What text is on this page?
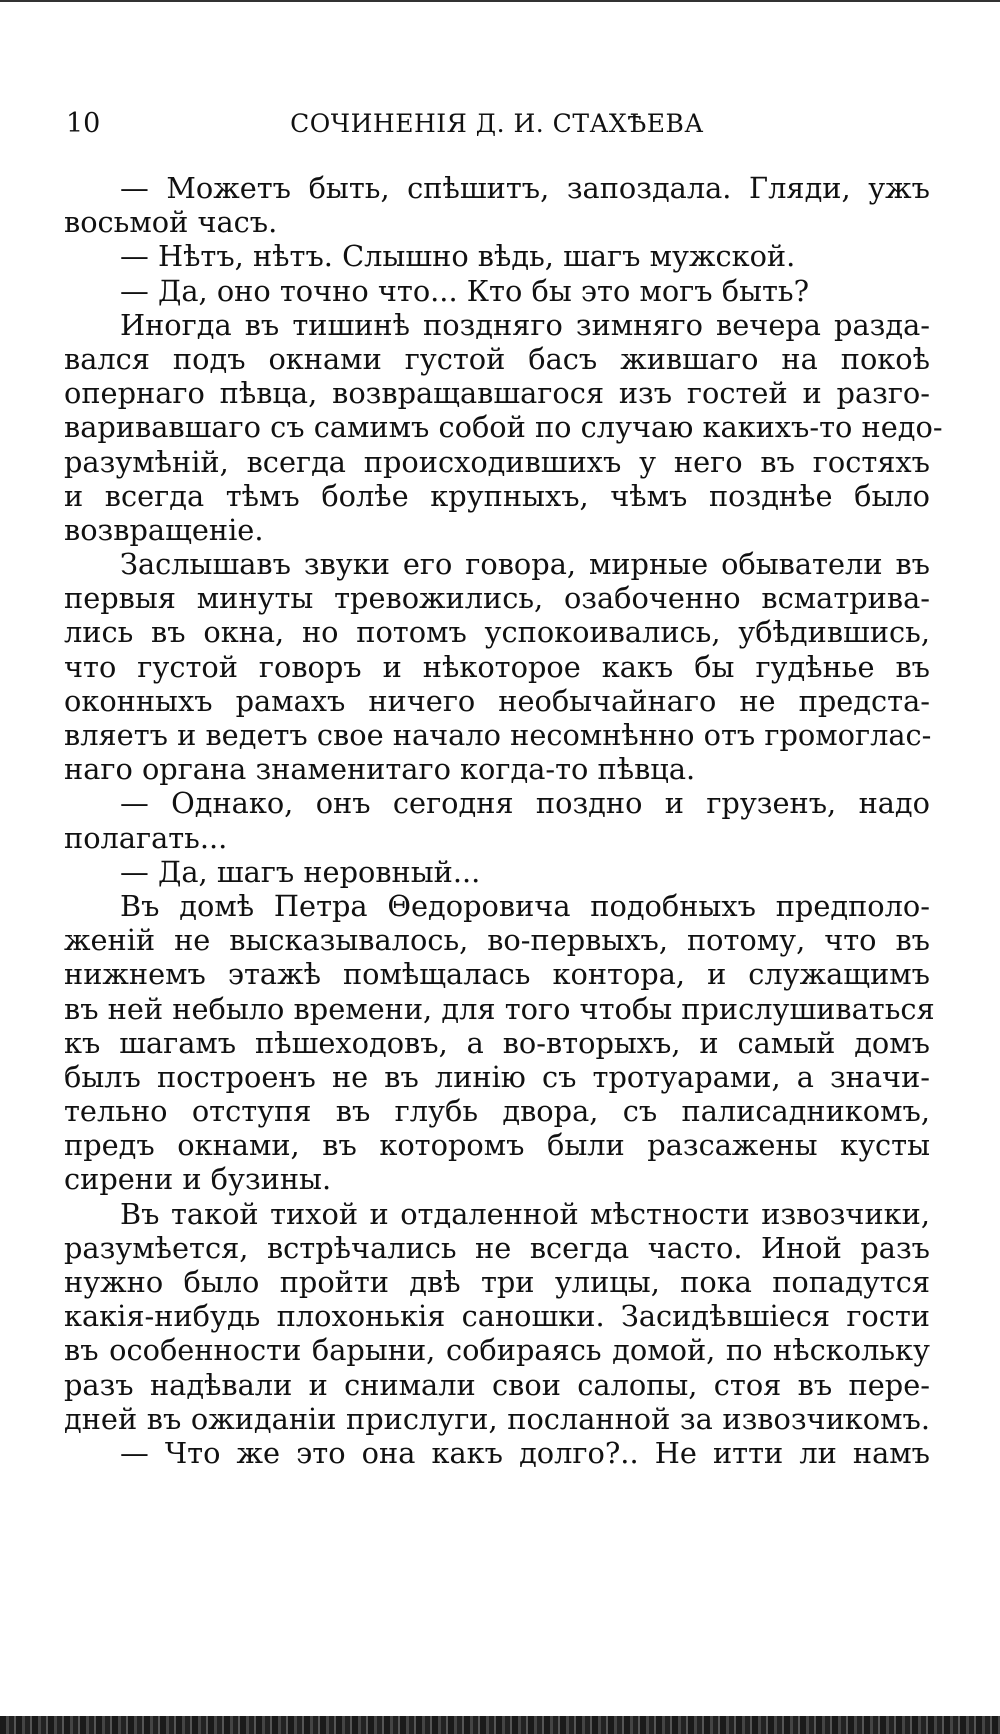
10	СОЧИНЕНIЯ Д. И. СТАХѢЕВА
— Можетъ быть, спѣшитъ, запоздала. Гляди, ужъ
восьмой часъ.
— Нѣтъ, нѣтъ. Слышно вѣдь, шагъ мужской.
— Да, оно точно что... Кто бы это могъ быть?
Иногда въ тишинѣ поздняго зимняго вечера разда-
вался подъ окнами густой басъ жившаго на покоѣ
опернаго пѣвца, возвращавшагося изъ гостей и разго-
варивавшаго съ самимъ собой по случаю какихъ-то недо-
разумѣнiй, всегда происходившихъ у него въ гостяхъ
и всегда тѣмъ болѣе крупныхъ, чѣмъ позднѣе было
возвращенiе.
Заслышавъ звуки его говора, мирные обыватели въ
первыя минуты тревожились, озабоченно всматрива-
лись въ окна, но потомъ успокоивались, убѣдившись,
что густой говоръ и нѣкоторое какъ бы гудѣнье въ
оконныхъ рамахъ ничего необычайнаго не предста-
вляетъ и ведетъ свое начало несомнѣнно отъ громоглас-
наго органа знаменитаго когда-то пѣвца.
— Однако, онъ сегодня поздно и грузенъ, надо
полагать...
— Да, шагъ неровный...
Въ домѣ Петра Θедоровича подобныхъ предполо-
женiй не высказывалось, во-первыхъ, потому, что въ
нижнемъ этажѣ помѣщалась контора, и служащимъ
въ ней небыло времени, для того чтобы прислушиваться
къ шагамъ пѣшеходовъ, а во-вторыхъ, и самый домъ
былъ построенъ не въ линiю съ тротуарами, а значи-
тельно отступя въ глубь двора, съ палисадникомъ,
предъ окнами, въ которомъ были разсажены кусты
сирени и бузины.
Въ такой тихой и отдаленной мѣстности извозчики,
разумѣется, встрѣчались не всегда часто. Иной разъ
нужно было пройти двѣ три улицы, пока попадутся
какiя-нибудь плохонькiя саношки. Засидѣвшiеся гости
въ особенности барыни, собираясь домой, по нѣскольку
разъ надѣвали и снимали свои салопы, стоя въ пере-
дней въ ожиданiи прислуги, посланной за извозчикомъ.
— Что же это она какъ долго?.. Не итти ли намъ
